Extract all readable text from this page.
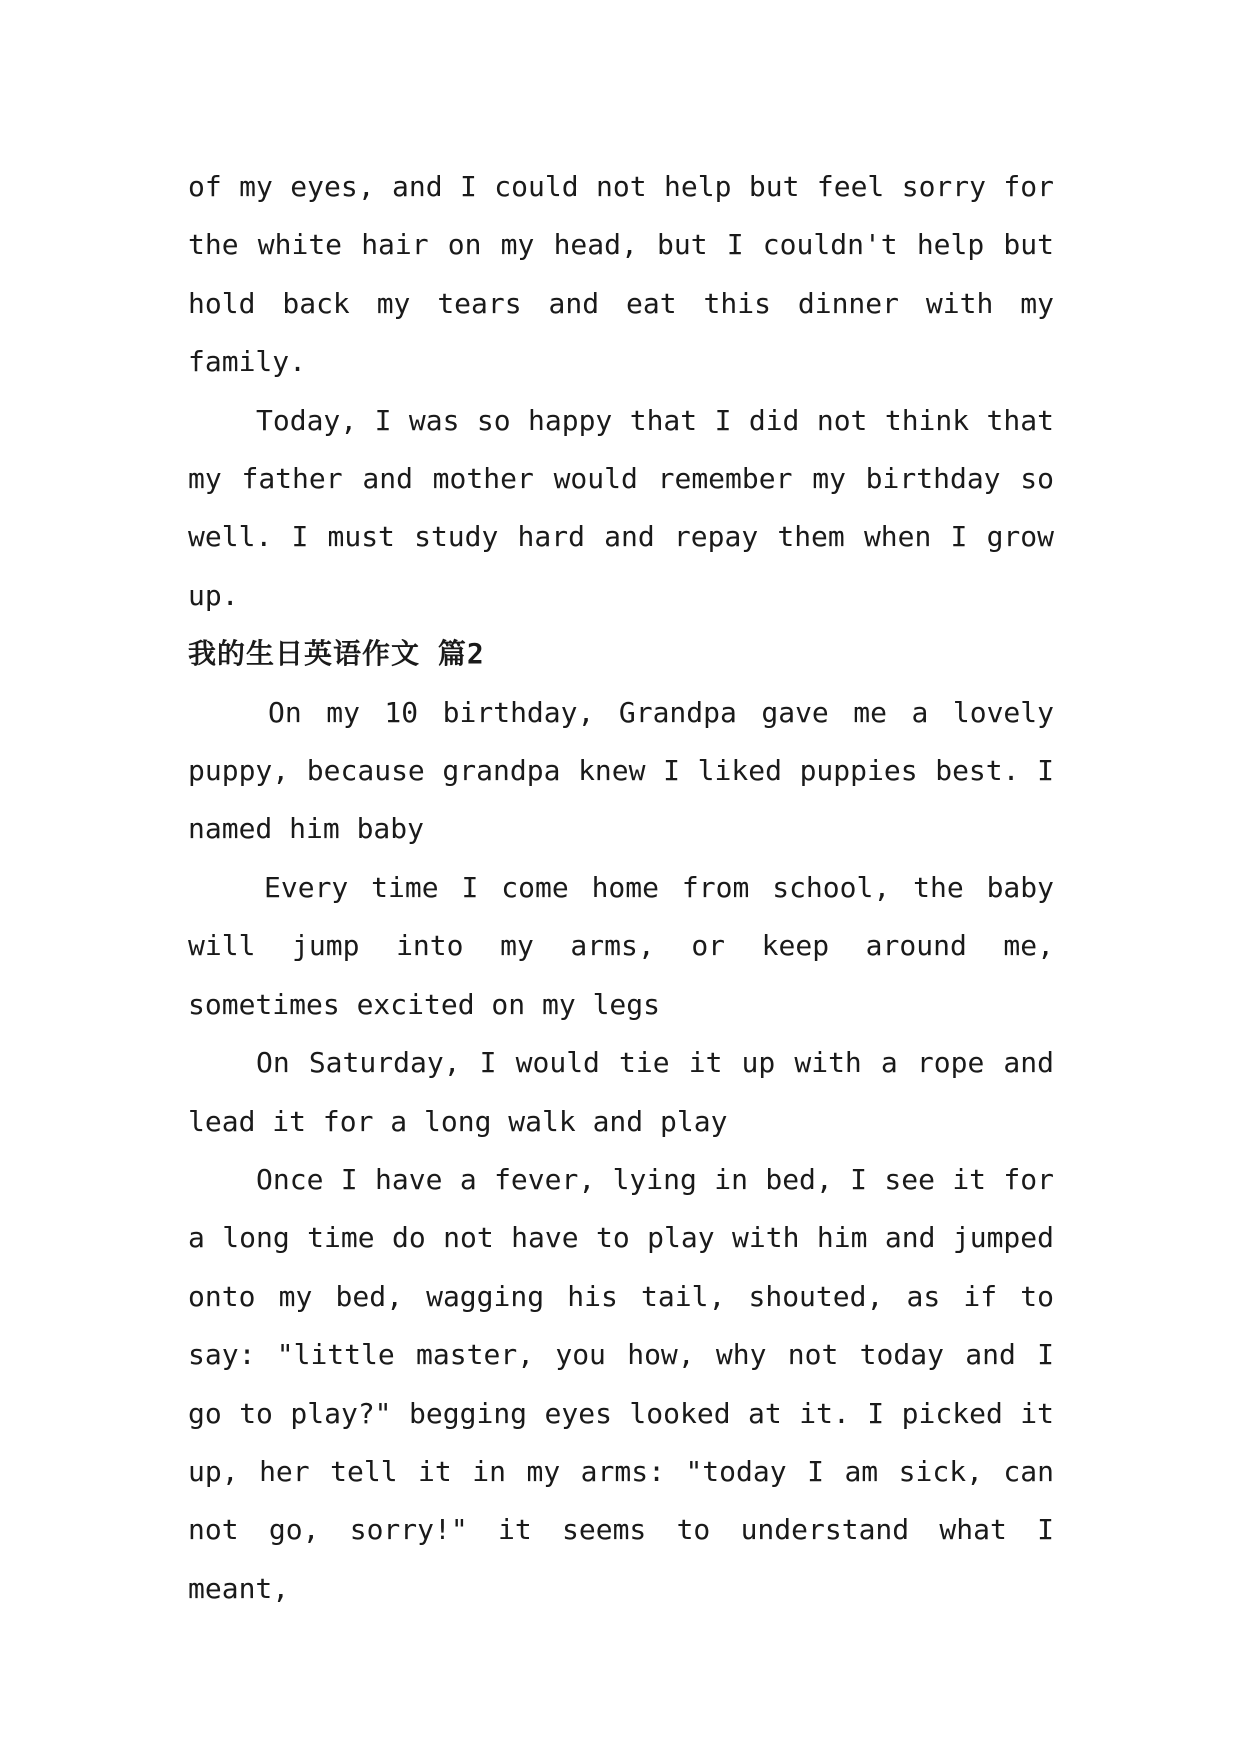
of my eyes, and I could not help but feel sorry for the white hair on my head, but I couldn't help but hold back my tears and eat this dinner with my family.

Today, I was so happy that I did not think that my father and mother would remember my birthday so well. I must study hard and repay them when I grow up.

我的生日英语作文 篇2

On my 10 birthday, Grandpa gave me a lovely puppy, because grandpa knew I liked puppies best. I named him baby

Every time I come home from school, the baby will jump into my arms, or keep around me, sometimes excited on my legs

On Saturday, I would tie it up with a rope and lead it for a long walk and play

Once I have a fever, lying in bed, I see it for a long time do not have to play with him and jumped onto my bed, wagging his tail, shouted, as if to say: "little master, you how, why not today and I go to play?" begging eyes looked at it. I picked it up, her tell it in my arms: "today I am sick, can not go, sorry!" it seems to understand what I meant,
